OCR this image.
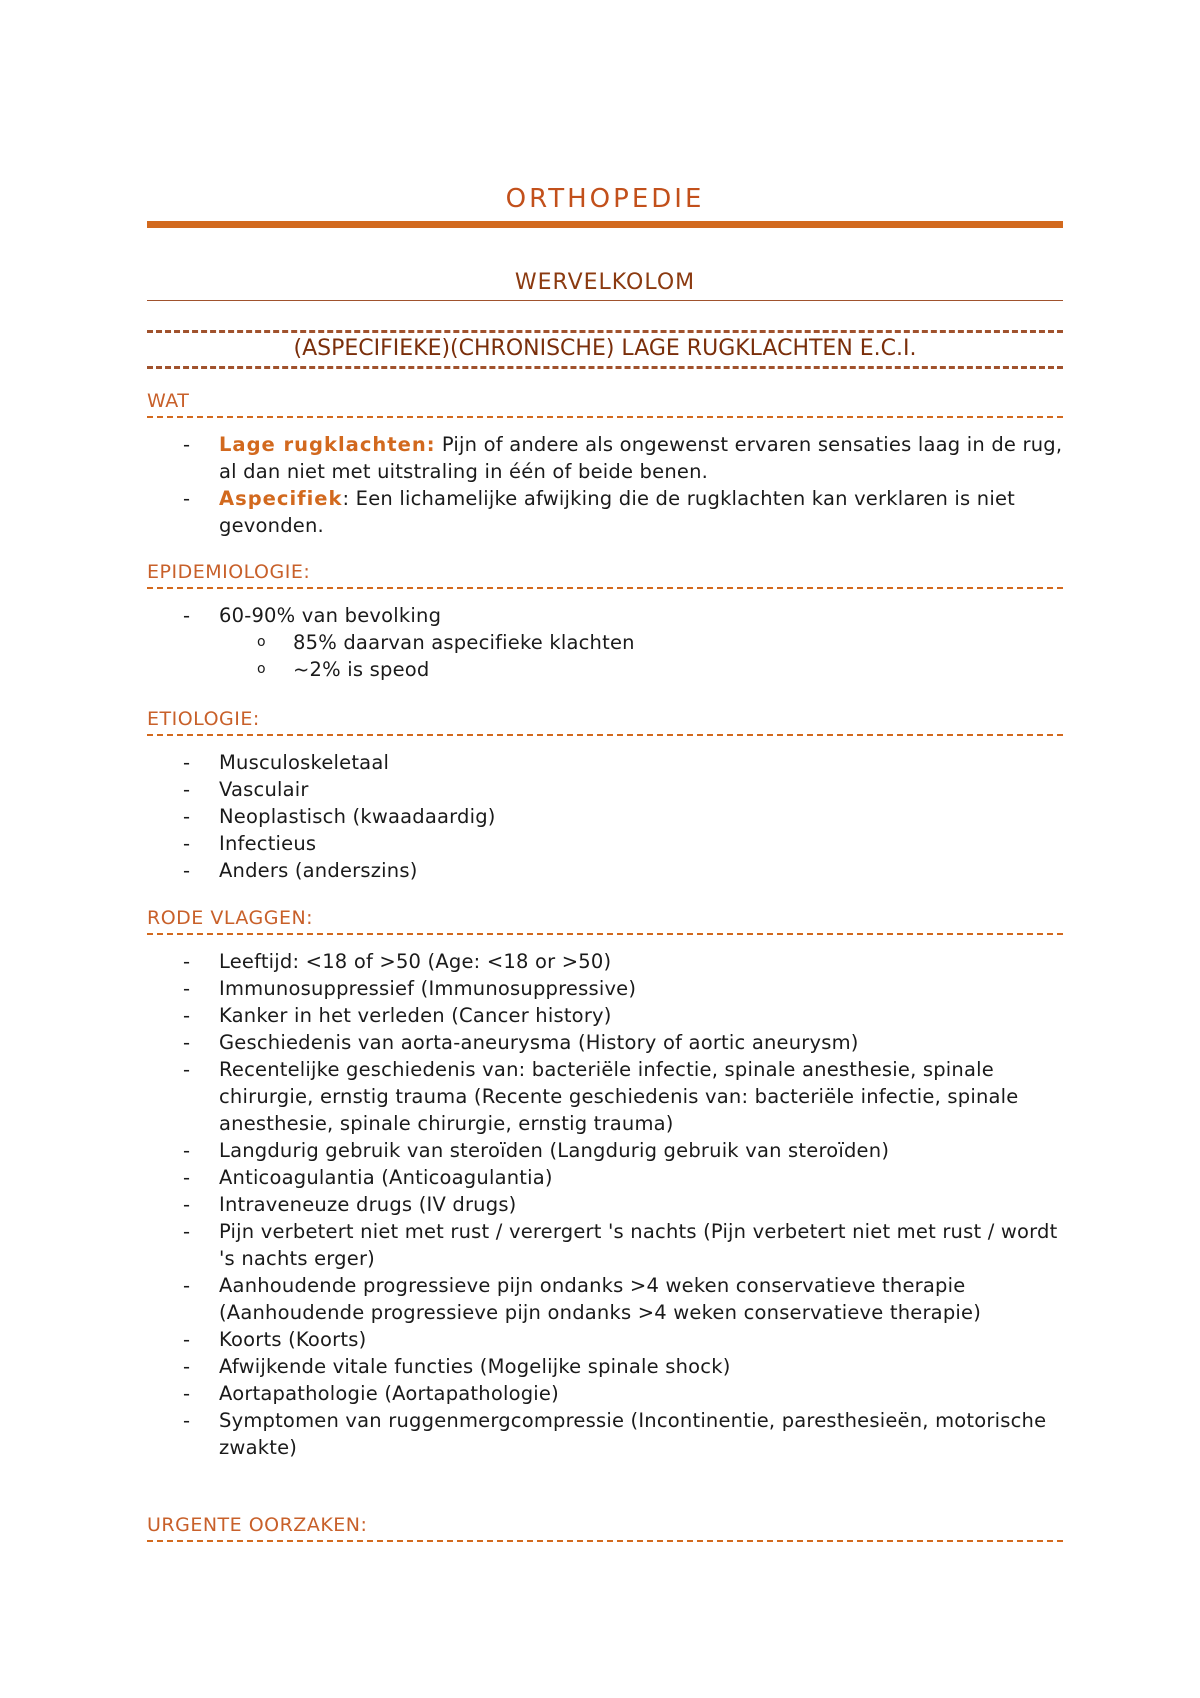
ORTHOPEDIE
WERVELKOLOM
(ASPECIFIEKE)(CHRONISCHE) LAGE RUGKLACHTEN E.C.I.
WAT
- Lage rugklachten: Pijn of andere als ongewenst ervaren sensaties laag in de rug, al dan niet met uitstraling in één of beide benen.
- Aspecifiek: Een lichamelijke afwijking die de rugklachten kan verklaren is niet gevonden.
EPIDEMIOLOGIE:
- 60-90% van bevolking
o 85% daarvan aspecifieke klachten
o ~2% is speod
ETIOLOGIE:
- Musculoskeletaal
- Vasculair
- Neoplastisch (kwaadaardig)
- Infectieus
- Anders (anderszins)
RODE VLAGGEN:
- Leeftijd: <18 of >50 (Age: <18 or >50)
- Immunosuppressief (Immunosuppressive)
- Kanker in het verleden (Cancer history)
- Geschiedenis van aorta-aneurysma (History of aortic aneurysm)
- Recentelijke geschiedenis van: bacteriële infectie, spinale anesthesie, spinale chirurgie, ernstig trauma (Recente geschiedenis van: bacteriële infectie, spinale anesthesie, spinale chirurgie, ernstig trauma)
- Langdurig gebruik van steroïden (Langdurig gebruik van steroïden)
- Anticoagulantia (Anticoagulantia)
- Intraveneuze drugs (IV drugs)
- Pijn verbetert niet met rust / verergert 's nachts (Pijn verbetert niet met rust / wordt 's nachts erger)
- Aanhoudende progressieve pijn ondanks >4 weken conservatieve therapie (Aanhoudende progressieve pijn ondanks >4 weken conservatieve therapie)
- Koorts (Koorts)
- Afwijkende vitale functies (Mogelijke spinale shock)
- Aortapathologie (Aortapathologie)
- Symptomen van ruggenmergcompressie (Incontinentie, paresthesieën, motorische zwakte)
URGENTE OORZAKEN:
